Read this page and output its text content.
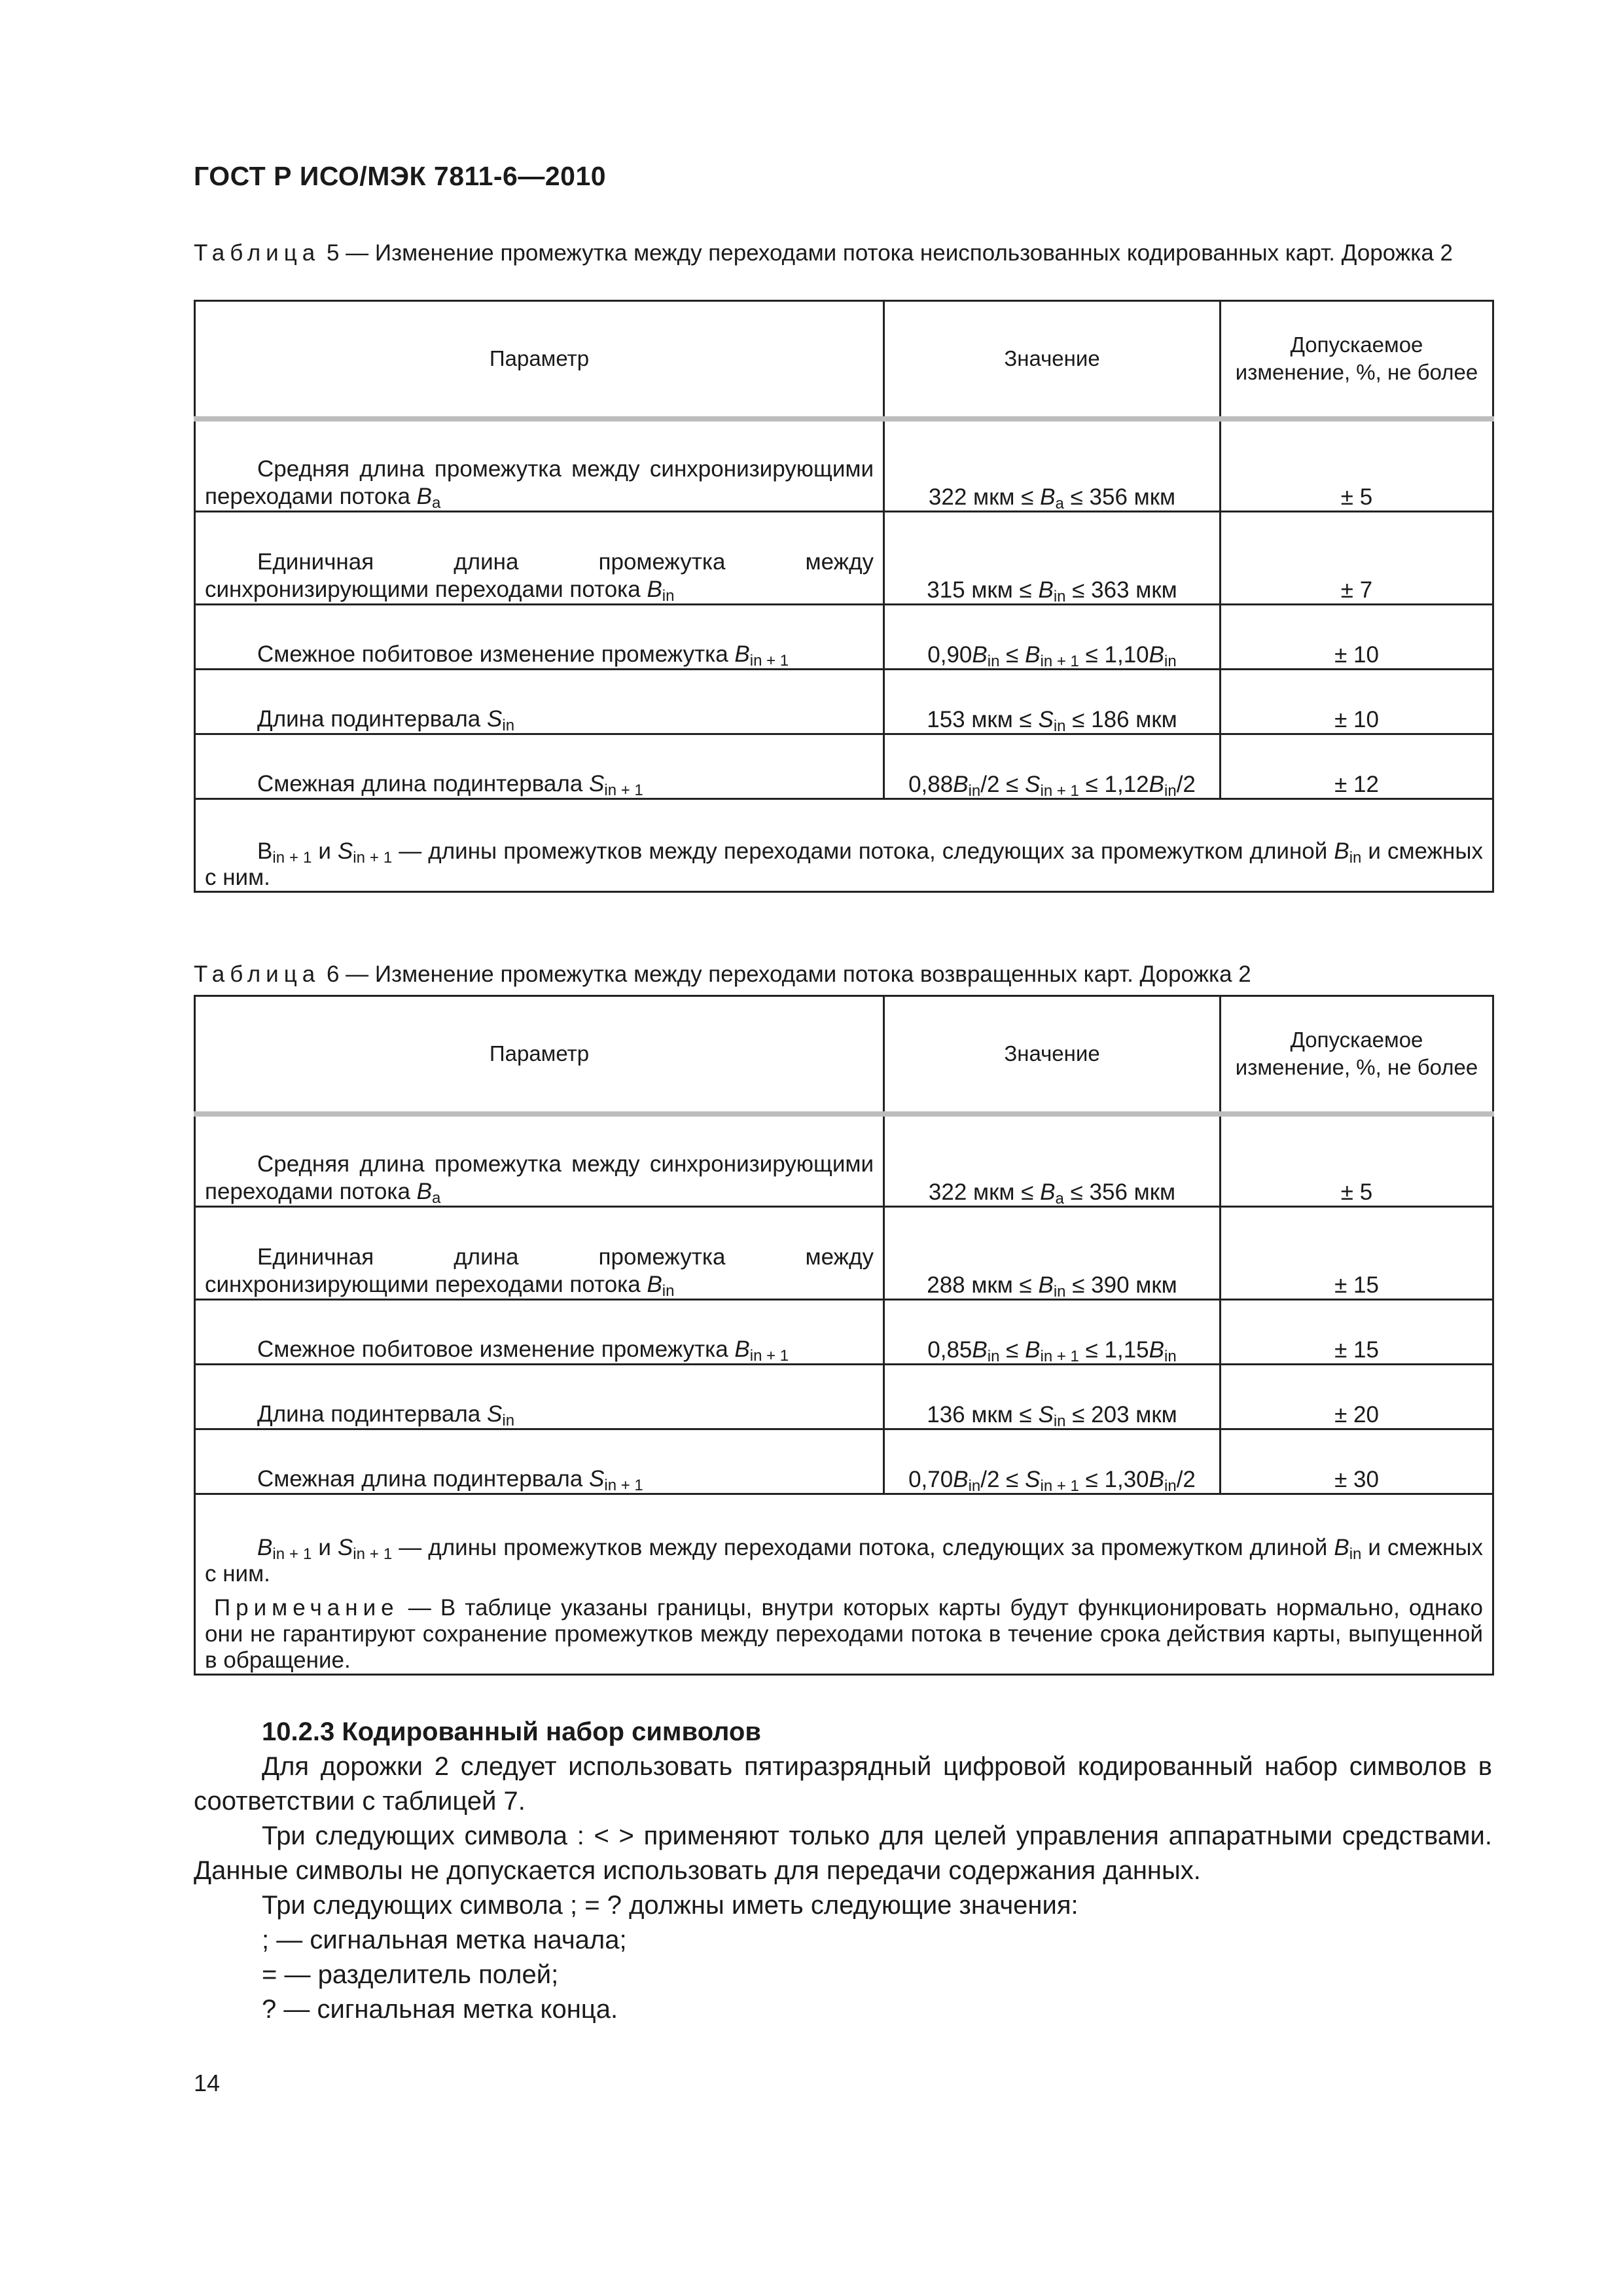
ГОСТ Р ИСО/МЭК 7811-6—2010
Таблица 5 — Изменение промежутка между переходами потока неиспользованных кодированных карт. Дорожка 2
Параметр	Значение	Допускаемое изменение, %, не более
Средняя длина промежутка между синхронизирующими переходами потока $B_a$	322 мкм ≤ $B_a \le 356$ мкм	± 5
Единичная длина промежутка между синхронизирующими переходами потока $B_{in}$	315 мкм ≤ $B_{in} \le 363$ мкм	± 7
Смежное побитовое изменение промежутка $B_{in + 1}$	$0,90B_{in} \le B_{in + 1} \le 1,10B_{in}$	± 10
Длина подинтервала $S_{in}$	153 мкм ≤ $S_{in} \le 186$ мкм	± 10
Смежная длина подинтервала $S_{in + 1}$	$0,88B_{in}/2 \le S_{in + 1} \le 1,12B_{in}/2$	± 12

$B_{in + 1}$ и $S_{in + 1}$ — длины промежутков между переходами потока, следующих за промежутком длиной $B_{in}$ и смежных с ним.		

Таблица 6 — Изменение промежутка между переходами потока возвращенных карт. Дорожка 2
Параметр	Значение	Допускаемое изменение, %, не более
Средняя длина промежутка между синхронизирующими переходами потока $B_a$	322 мкм ≤ $B_a \le 356$ мкм	± 5
Единичная длина промежутка между синхронизирующими переходами потока $B_{in}$	288 мкм ≤ $B_{in} \le 390$ мкм	± 15
Смежное побитовое изменение промежутка $B_{in + 1}$	$0,85B_{in} \le B_{in + 1} \le 1,15B_{in}$	± 15
Длина подинтервала $S_{in}$	136 мкм ≤ $S_{in} \le 203$ мкм	± 20
Смежная длина подинтервала $S_{in + 1}$	$0,70B_{in}/2 \le S_{in + 1} \le 1,30B_{in}/2$	± 30

$B_{in + 1}$ и $S_{in + 1}$ — длины промежутков между переходами потока, следующих за промежутком длиной $B_{in}$ и смежных с ним.

Примечание — В таблице указаны границы, внутри которых карты будут функционировать нормально, однако они не гарантируют сохранение промежутков между переходами потока в течение срока действия карты, выпущенной в обращение.		

10.2.3 Кодированный набор символов

Для дорожки 2 следует использовать пятиразрядный цифровой кодированный набор символов в соответствии с таблицей 7.

Три следующих символа : < > применяют только для целей управления аппаратными средствами. Данные символы не допускается использовать для передачи содержания данных.

Три следующих символа ; = ? должны иметь следующие значения:

; — сигнальная метка начала;

= — разделитель полей;

? — сигнальная метка конца.

14
